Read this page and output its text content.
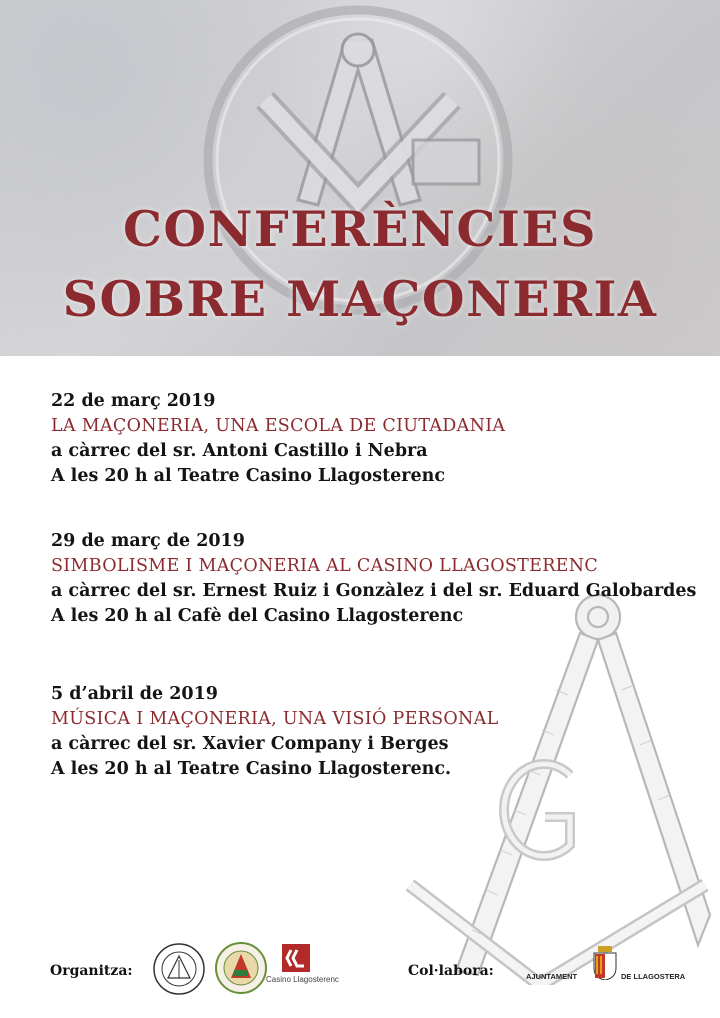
CONFERÈNCIES
SOBRE MAÇONERIA
22 de març 2019
LA MAÇONERIA, UNA ESCOLA DE CIUTADANIA
a càrrec del sr. Antoni Castillo i Nebra
A les 20 h al Teatre Casino Llagosterenc
29 de març de 2019
SIMBOLISME I MAÇONERIA AL CASINO LLAGOSTERENC
a càrrec del sr. Ernest Ruiz i Gonzàlez i del sr. Eduard Galobardes
A les 20 h al Cafè del Casino Llagosterenc
5 d’abril de 2019
MÚSICA I MAÇONERIA, UNA VISIÓ PERSONAL
a càrrec del sr. Xavier Company i Berges
A les 20 h al Teatre Casino Llagosterenc.
Organitza:
Casino Llagosterenc
Col·labora:	AJUNTAMENT	DE LLAGOSTERA
